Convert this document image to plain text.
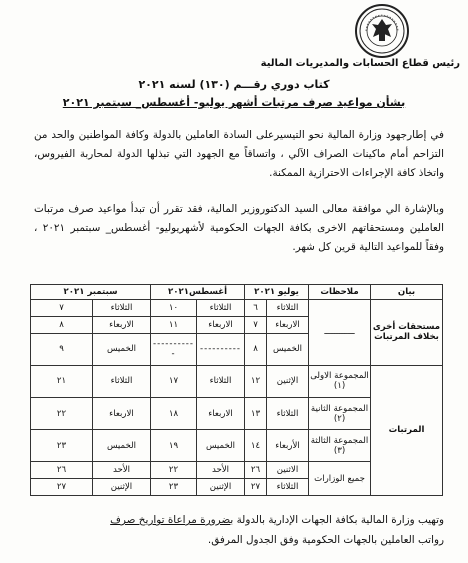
رئيس قطاع الحسابات والمديريات المالية
كتاب دوري رقـــم (١٣٠) لسنه ٢٠٢١
بشأن مواعيد صرف مرتبات أشهر يوليو- أغسطس_ سبتمبر ٢٠٢١
في إطارجهود وزارة المالية نحو التيسيرعلى السادة العاملين بالدولة وكافة المواطنين والحد من التزاحم أمام ماكينات الصراف الآلي ، واتساقاً مع الجهود التي تبذلها الدولة لمحاربة الفيروس، واتخاذ كافة الإجراءات الاحترازية الممكنة.
وبالإشارة الي موافقة معالى السيد الدكتوروزير المالية، فقد تقرر أن تبدأ مواعيد صرف مرتبات العاملين ومستحقاتهم الاخرى بكافة الجهات الحكومية لأشهريوليو- أغسطس_ سبتمبر ٢٠٢١ ، وفقاً للمواعيد التالية قرين كل شهر.
بيان	ملاحظات	يوليو ٢٠٢١		أغسطس٢٠٢١		سبتمبر ٢٠٢١	
مستحقات أخرى بخلاف المرتبات	ــــــــــــ	الثلاثاء	٦	الثلاثاء	١٠	الثلاثاء	٧
		الاربعاء	٧	الاربعاء	١١	الاربعاء	٨
		الخميس	٨	----------	-----------	الخميس	٩
المرتبات	المجموعة الاولى (١)	الإثنين	١٢	الثلاثاء	١٧	الثلاثاء	٢١
	المجموعة الثانية (٢)	الثلاثاء	١٣	الاربعاء	١٨	الاربعاء	٢٢
	المجموعة الثالثة (٣)	الأربعاء	١٤	الخميس	١٩	الخميس	٢٣
	جميع الوزارات	الاثنين	٢٦	الأحد	٢٢	الأحد	٢٦
		الثلاثاء	٢٧	الإثنين	٢٣	الإثنين	٢٧
وتهيب وزارة المالية بكافة الجهات الإدارية بالدولة بضرورة مراعاة تواريخ صرف
رواتب العاملين بالجهات الحكومية وفق الجدول المرفق.
